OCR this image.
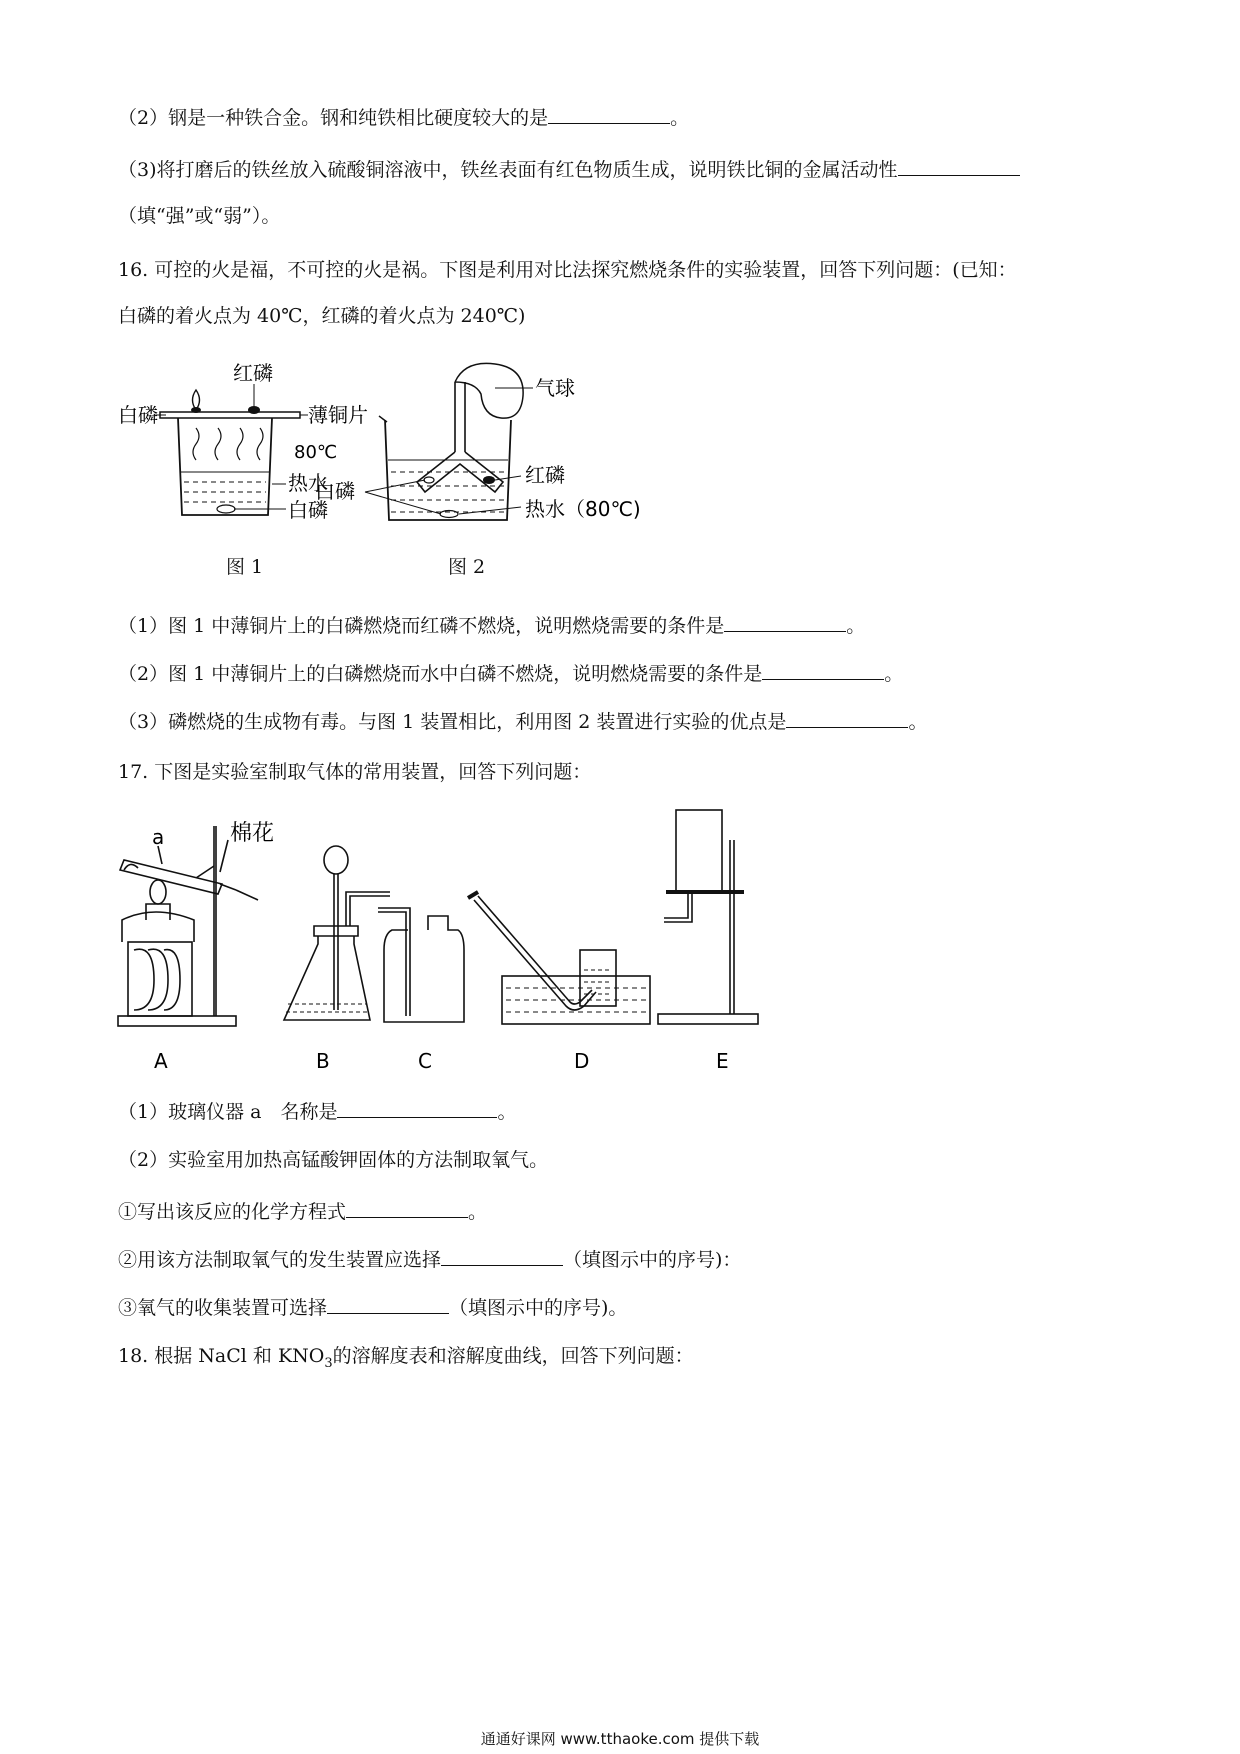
（2）钢是一种铁合金。钢和纯铁相比硬度较大的是	。
（3)将打磨后的铁丝放入硫酸铜溶液中，铁丝表面有红色物质生成，说明铁比铜的金属活动性
（填“强”或“弱”）。
16. 可控的火是福，不可控的火是祸。下图是利用对比法探究燃烧条件的实验装置，回答下列问题：(已知：
白磷的着火点为 40℃，红磷的着火点为 240℃)
红磷
白磷	薄铜片
80℃
热水
白磷
图 1
气球
红磷
白磷
热水（80℃)
图 2
（1）图 1 中薄铜片上的白磷燃烧而红磷不燃烧，说明燃烧需要的条件是	。
（2）图 1 中薄铜片上的白磷燃烧而水中白磷不燃烧，说明燃烧需要的条件是	。
（3）磷燃烧的生成物有毒。与图 1 装置相比，利用图 2 装置进行实验的优点是	。
17. 下图是实验室制取气体的常用装置，回答下列问题：
a	棉花
A	B	C	D	E
（1）玻璃仪器 a　名称是	。
（2）实验室用加热高锰酸钾固体的方法制取氧气。
①写出该反应的化学方程式	。
②用该方法制取氧气的发生装置应选择	（填图示中的序号)：
③氧气的收集装置可选择	（填图示中的序号)。
18. 根据 NaCl 和 $KNO_3$的溶解度表和溶解度曲线，回答下列问题：
通通好课网 www.tthaoke.com 提供下载
